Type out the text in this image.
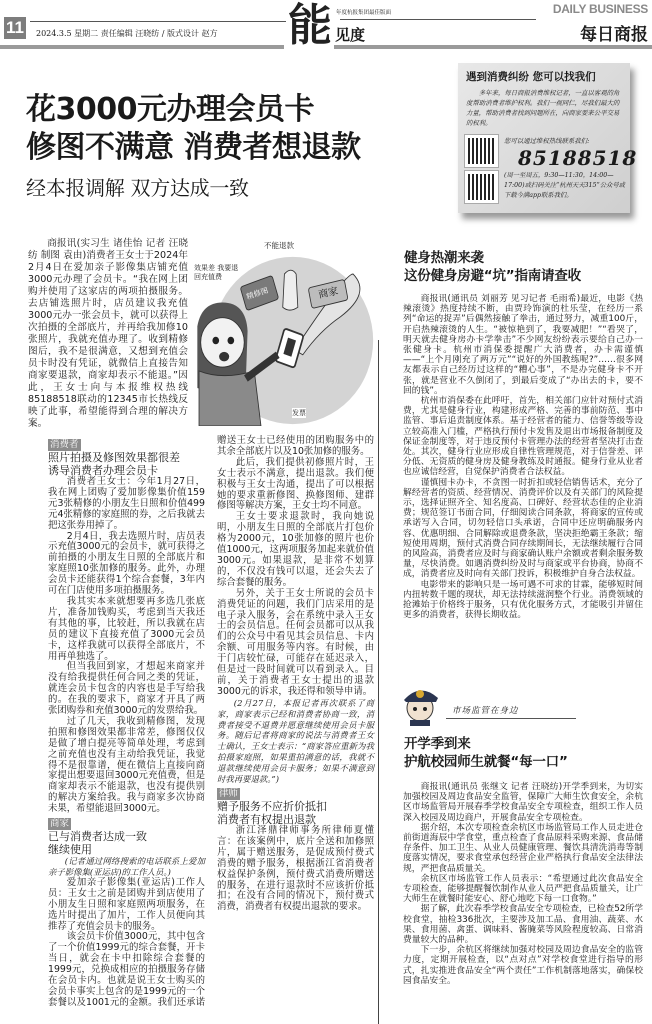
11 2024.3.5 星期二 责任编辑 汪晓纺 / 版式设计 赵方 能 年度杭报集团最佳版面
见度
DAILY BUSINESS
每日商报
花3000元办理会员卡
修图不满意 消费者想退款
经本报调解 双方达成一致
遇到消费纠纷 您可以找我们
多年来，每日商报消费维权记者，一直以客观的角度帮助消费者维护权利。我们一视同仁，尽我们最大的力量，帮助消费者找到问题所在，向商家要来公平交易的权利。
您可以通过维权热线联系我们:
85188518
(周一至周五，9:30—11:30，14:00—17:00)或扫码关注“杭州天天315”公众号或下载今满app联系我们。

商报讯(实习生 诸佳怡 记者 汪晓纺 制图 袁由)消费者王女士于2024年2月4日在爱加亲子影像集店铺充值3000元办理了会员卡。“我在网上团购并使用了这家店的两项拍摄服务。去店铺选照片时，店员建议我充值3000元办一张会员卡，就可以获得上次拍摄的全部底片，并再给我加修10张照片，我就充值办理了。收到精修图后，我不是很满意，又想到充值会员卡时没有凭证，就微信上直接告知商家要退款，商家却表示不能退。”因此，王女士向与本报维权热线85188518联动的12345市长热线反映了此事，希望能得到合理的解决方案。

不能退款
精修图	商家
效果差 我要退回充值费
发票
消费者
照片拍摄及修图效果都很差
诱导消费者办理会员卡

消费者王女士：今年1月27日，我在网上团购了爱加影像集价值159元3张精修的小朋友生日照和价值499元4张精修的家庭照的券，之后我就去把这张券用掉了。

2月4日，我去选照片时，店员表示充值3000元的会员卡，就可获得之前拍摄的小朋友生日照的全部底片和家庭照10张加修的服务。此外，办理会员卡还能获得1个综合套餐，3年内可在门店使用多项拍摄服务。

我其实本来就想要再多选几张底片，准备加钱购买，考虑到当天我还有其他的事，比较赶，所以我就在店员的建议下直接充值了3000元会员卡，这样我就可以获得全部底片，不用再单独选了。

但当我回到家，才想起来商家并没有给我提供任何合同之类的凭证，就连会员卡包含的内容也是手写给我的。在我的要求下，商家才开具了两张团购券和充值3000元的发票给我。

过了几天，我收到精修图，发现拍照和修图效果都非常差，修图仅仅是做了增白提亮等简单处理，考虑到之前充值也没有主动给我凭证，我觉得不是很靠谱，便在微信上直接向商家提出想要退回3000元充值费，但是商家却表示不能退款，也没有提供别的解决方案给我。我与商家多次协商未果，希望能退回3000元。

商家
已与消费者达成一致
继续使用

(记者通过网络搜索的电话联系上爱加亲子影像集(亚运店)的工作人员。)

爱加亲子影像集(亚运店)工作人员：王女士之前是团购并到店使用了小朋友生日照和家庭照两项服务，在选片时提出了加片，工作人员便向其推荐了充值会员卡的服务。

该会员卡价值3000元，其中包含了一个价值1999元的综合套餐，开卡当日，就会在卡中扣除综合套餐的1999元，兑换成相应的拍摄服务存储在会员卡内。也就是说王女士购买的会员卡事实上包含的是1999元的一个套餐以及1001元的金额。我们还承诺赠送王女士已经使用的团购服务中的其余全部底片以及10张加修的服务。

此后，我们提供初修照片时，王女士表示不满意，提出退款。我们便积极与王女士沟通，提出了可以根据她的要求重新修图、换修图师、建群修图等解决方案，王女士均不同意。

王女士要求退款时，我向她说明，小朋友生日照的全部底片打包价格为2000元，10张加修的照片也价值1000元，这两项服务加起来就价值3000元。如果退款，是非常不划算的，不仅没有钱可以退，还会失去了综合套餐的服务。

另外，关于王女士所说的会员卡消费凭证的问题，我们门店采用的是电子录入服务，会在系统中录入王女士的会员信息。任何会员都可以从我们的公众号中看见其会员信息、卡内余额、可用服务等内容。有时候，由于门店较忙碌，可能存在延迟录入，但是过一段时间就可以看到录入。目前，关于消费者王女士提出的退款3000元的诉求，我还得和领导申请。

(2月27日，本报记者再次联系了商家，商家表示已经和消费者协商一致，消费者接受不退费并愿意继续使用会员卡服务。随后记者将商家的说法与消费者王女士确认，王女士表示：“商家答应重新为我拍摄家庭照，如果重拍满意的话，我就不退款继续使用会员卡服务；如果不满意到时我再要退款。”)

律师
赠予服务不应折价抵扣
消费者有权提出退款

浙江泽鼎律师事务所律师夏懂言：在该案例中，底片全送和加修照片，属于赠送服务，是促成预付费式消费的赠予服务，根据浙江省消费者权益保护条例，预付费式消费所赠送的服务，在进行退款时不应该折价抵扣；在没有合同的情况下，预付费式消费，消费者有权提出退款的要求。

健身热潮来袭
这份健身房避“坑”指南请查收

商报讯(通讯员 刘丽芳 见习记者 毛雨希)最近，电影《热辣滚烫》热度持续不断，由贾玲饰演的杜乐莹，在经历一系列“命运的捉弄”后偶然接触了拳击，通过努力，减重100斤，开启热辣滚烫的人生。“被惊艳到了，我要减肥！”“看哭了，明天就去健身房办卡学拳击”不少网友纷纷表示要给自己办一张健身卡。杭州市消保委提醒广大消费者，办卡需谨慎——“上个月刚充了两万元”“说好的外国教练呢?”……很多网友都表示自己经历过这样的“糟心事”，不是办完健身卡不开张，就是营业不久倒闭了，到最后变成了“办出去的卡，要不回的钱”。

杭州市消保委在此呼吁，首先，相关部门应针对预付式消费，尤其是健身行业，构建形成严格、完善的事前防范、事中监管、事后追责制度体系。基于经营者的能力、信誉等级等设立较高准入门槛，严格执行预付卡发售及退出市场报备制度及保证金制度等，对于违反预付卡管理办法的经营者坚决打击查处。其次，健身行业应形成自律性管理规范，对于信誉差、评分低、无资质的健身房及健身教练及时通报。健身行业从业者也应诚信经营，自觉保护消费者合法权益。

谨慎囤卡办卡，不贪图一时折扣或轻信销售话术，充分了解经营者的资质、经营情况、消费评价以及有关部门的风险提示，选择证照齐全、知名度高、口碑好、经营状态佳的企业消费；规范签订书面合同，仔细阅读合同条款，将商家的宣传或承诺写入合同，切勿轻信口头承诺，合同中还应明确服务内容、优惠明细、合同解除或退费条款，坚决拒绝霸王条款；缩短使用周期，预付式消费合同存续期间长，无法继续履行合同的风险高，消费者应及时与商家确认账户余额或者剩余服务数量，尽快消费。如遇消费纠纷及时与商家或平台协商，协商不成，消费者应及时向有关部门投诉，积极维护自身合法权益。

电影带来的影响只是一场可遇不可求的甘霖，能够短时间内扭转数千题的现状，却无法持续滋润整个行业。消费领域的抢滩始于价格终于服务，只有优化服务方式，才能吸引并留住更多的消费者，获得长期收益。

市场监管在身边
开学季到来
护航校园师生就餐“每一口”

商报讯(通讯员 张继文 记者 汪晓纺)开学季到来，为切实加强校园及周边食品安全监管，保障广大师生饮食安全，余杭区市场监管局开展春季学校食品安全专项检查，组织工作人员深入校园及周边商户，开展食品安全专项检查。

据介绍，本次专项检查余杭区市场监管局工作人员走进仓前街道海辰中学食堂，重点检查了食品原料采购来源、食品储存条件、加工卫生、从业人员健康管理、餐饮具清洗消毒等制度落实情况，要求食堂承包经营企业严格执行食品安全法律法规，严把食品质量关。

余杭区市场监管工作人员表示：“希望通过此次食品安全专项检查，能够提醒餐饮制作从业人员严把食品质量关，让广大师生在就餐时能安心、舒心地吃下每一口食物。”

据了解，此次春季学校食品安全专项检查，已检查52所学校食堂，抽检336批次，主要涉及加工品、食用油、蔬菜、水果、食用菌、禽蛋、调味料、酱腌菜等风险程度较高、日常消费量较大的品种。

下一步，余杭区将继续加强对校园及周边食品安全的监管力度，定期开展检查，以“点对点”对学校食堂进行指导的形式，扎实推进食品安全“两个责任”工作机制落地落实，确保校园食品安全。
